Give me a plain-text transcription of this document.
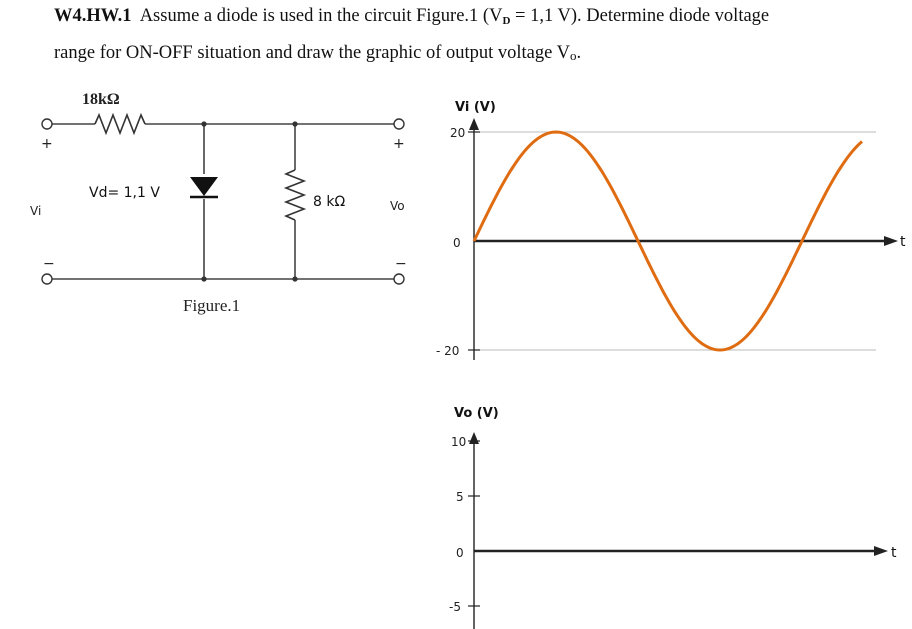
W4.HW.1 Assume a diode is used in the circuit Figure.1 ($V_D = 1,1$ V). Determine diode voltage
range for ON-OFF situation and draw the graphic of output voltage Vo.
18kΩ
Vd= 1,1 V
8 kΩ
Vi	Vo
+
−
+
−
Figure.1
Vi (V)
20
0
- 20
t
Vo (V)
10
5
0
-5
t
